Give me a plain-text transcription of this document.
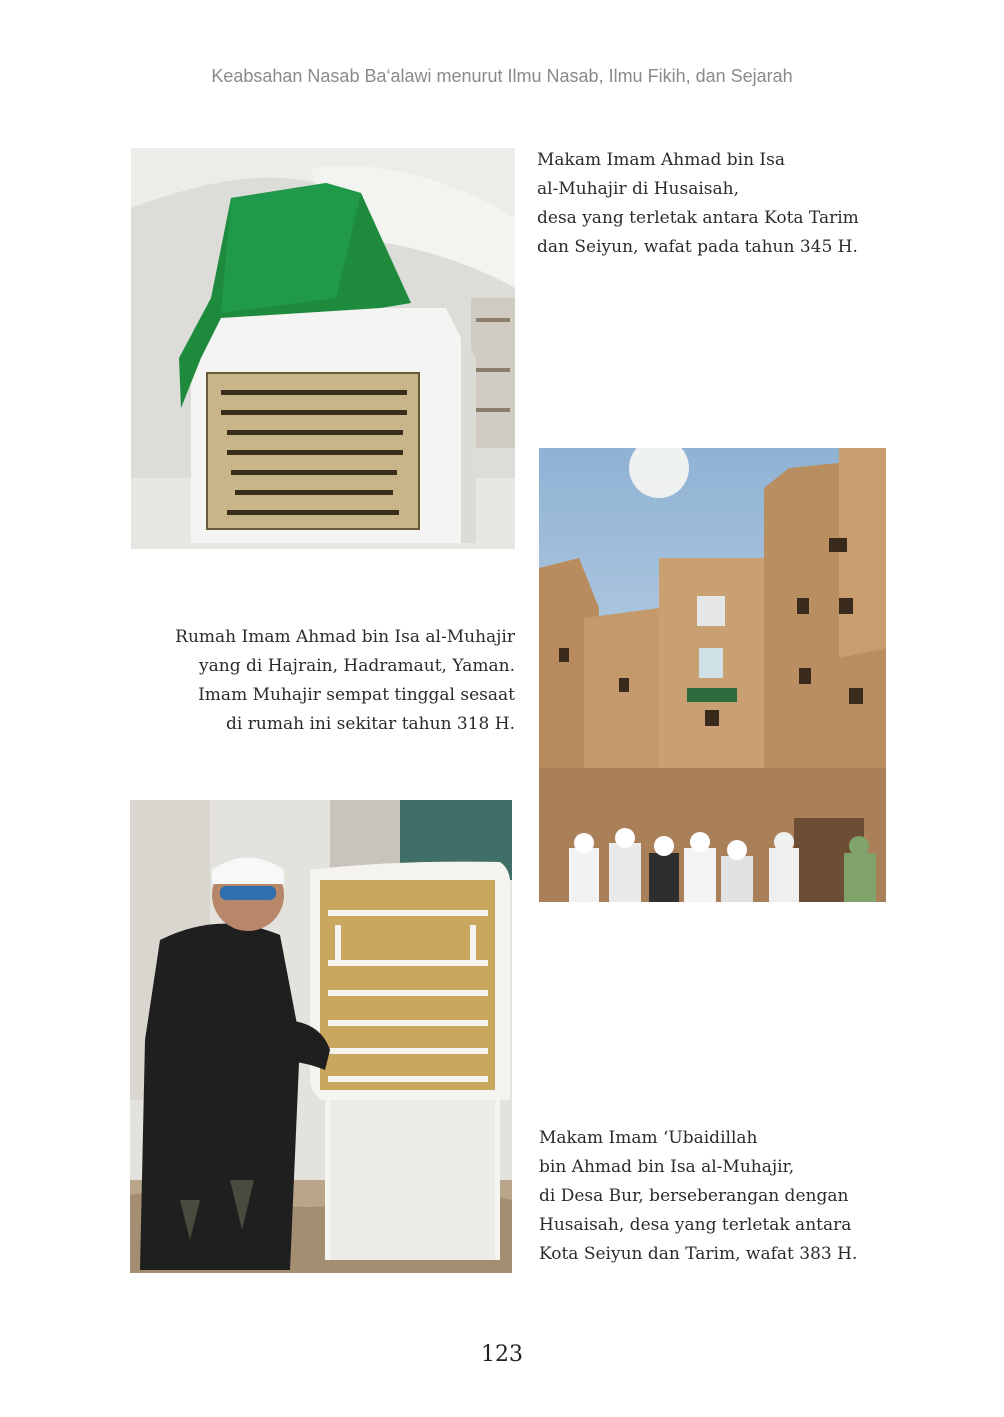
Keabsahan Nasab Ba‘alawi menurut Ilmu Nasab, Ilmu Fikih, dan Sejarah
Makam Imam Ahmad bin Isa
al-Muhajir di Husaisah,
desa yang terletak antara Kota Tarim
dan Seiyun, wafat pada tahun 345 H.
Rumah Imam Ahmad bin Isa al-Muhajir
yang di Hajrain, Hadramaut, Yaman.
Imam Muhajir sempat tinggal sesaat
di rumah ini sekitar tahun 318 H.
Makam Imam ‘Ubaidillah
bin Ahmad bin Isa al-Muhajir,
di Desa Bur, berseberangan dengan
Husaisah, desa yang terletak antara
Kota Seiyun dan Tarim, wafat 383 H.
123
